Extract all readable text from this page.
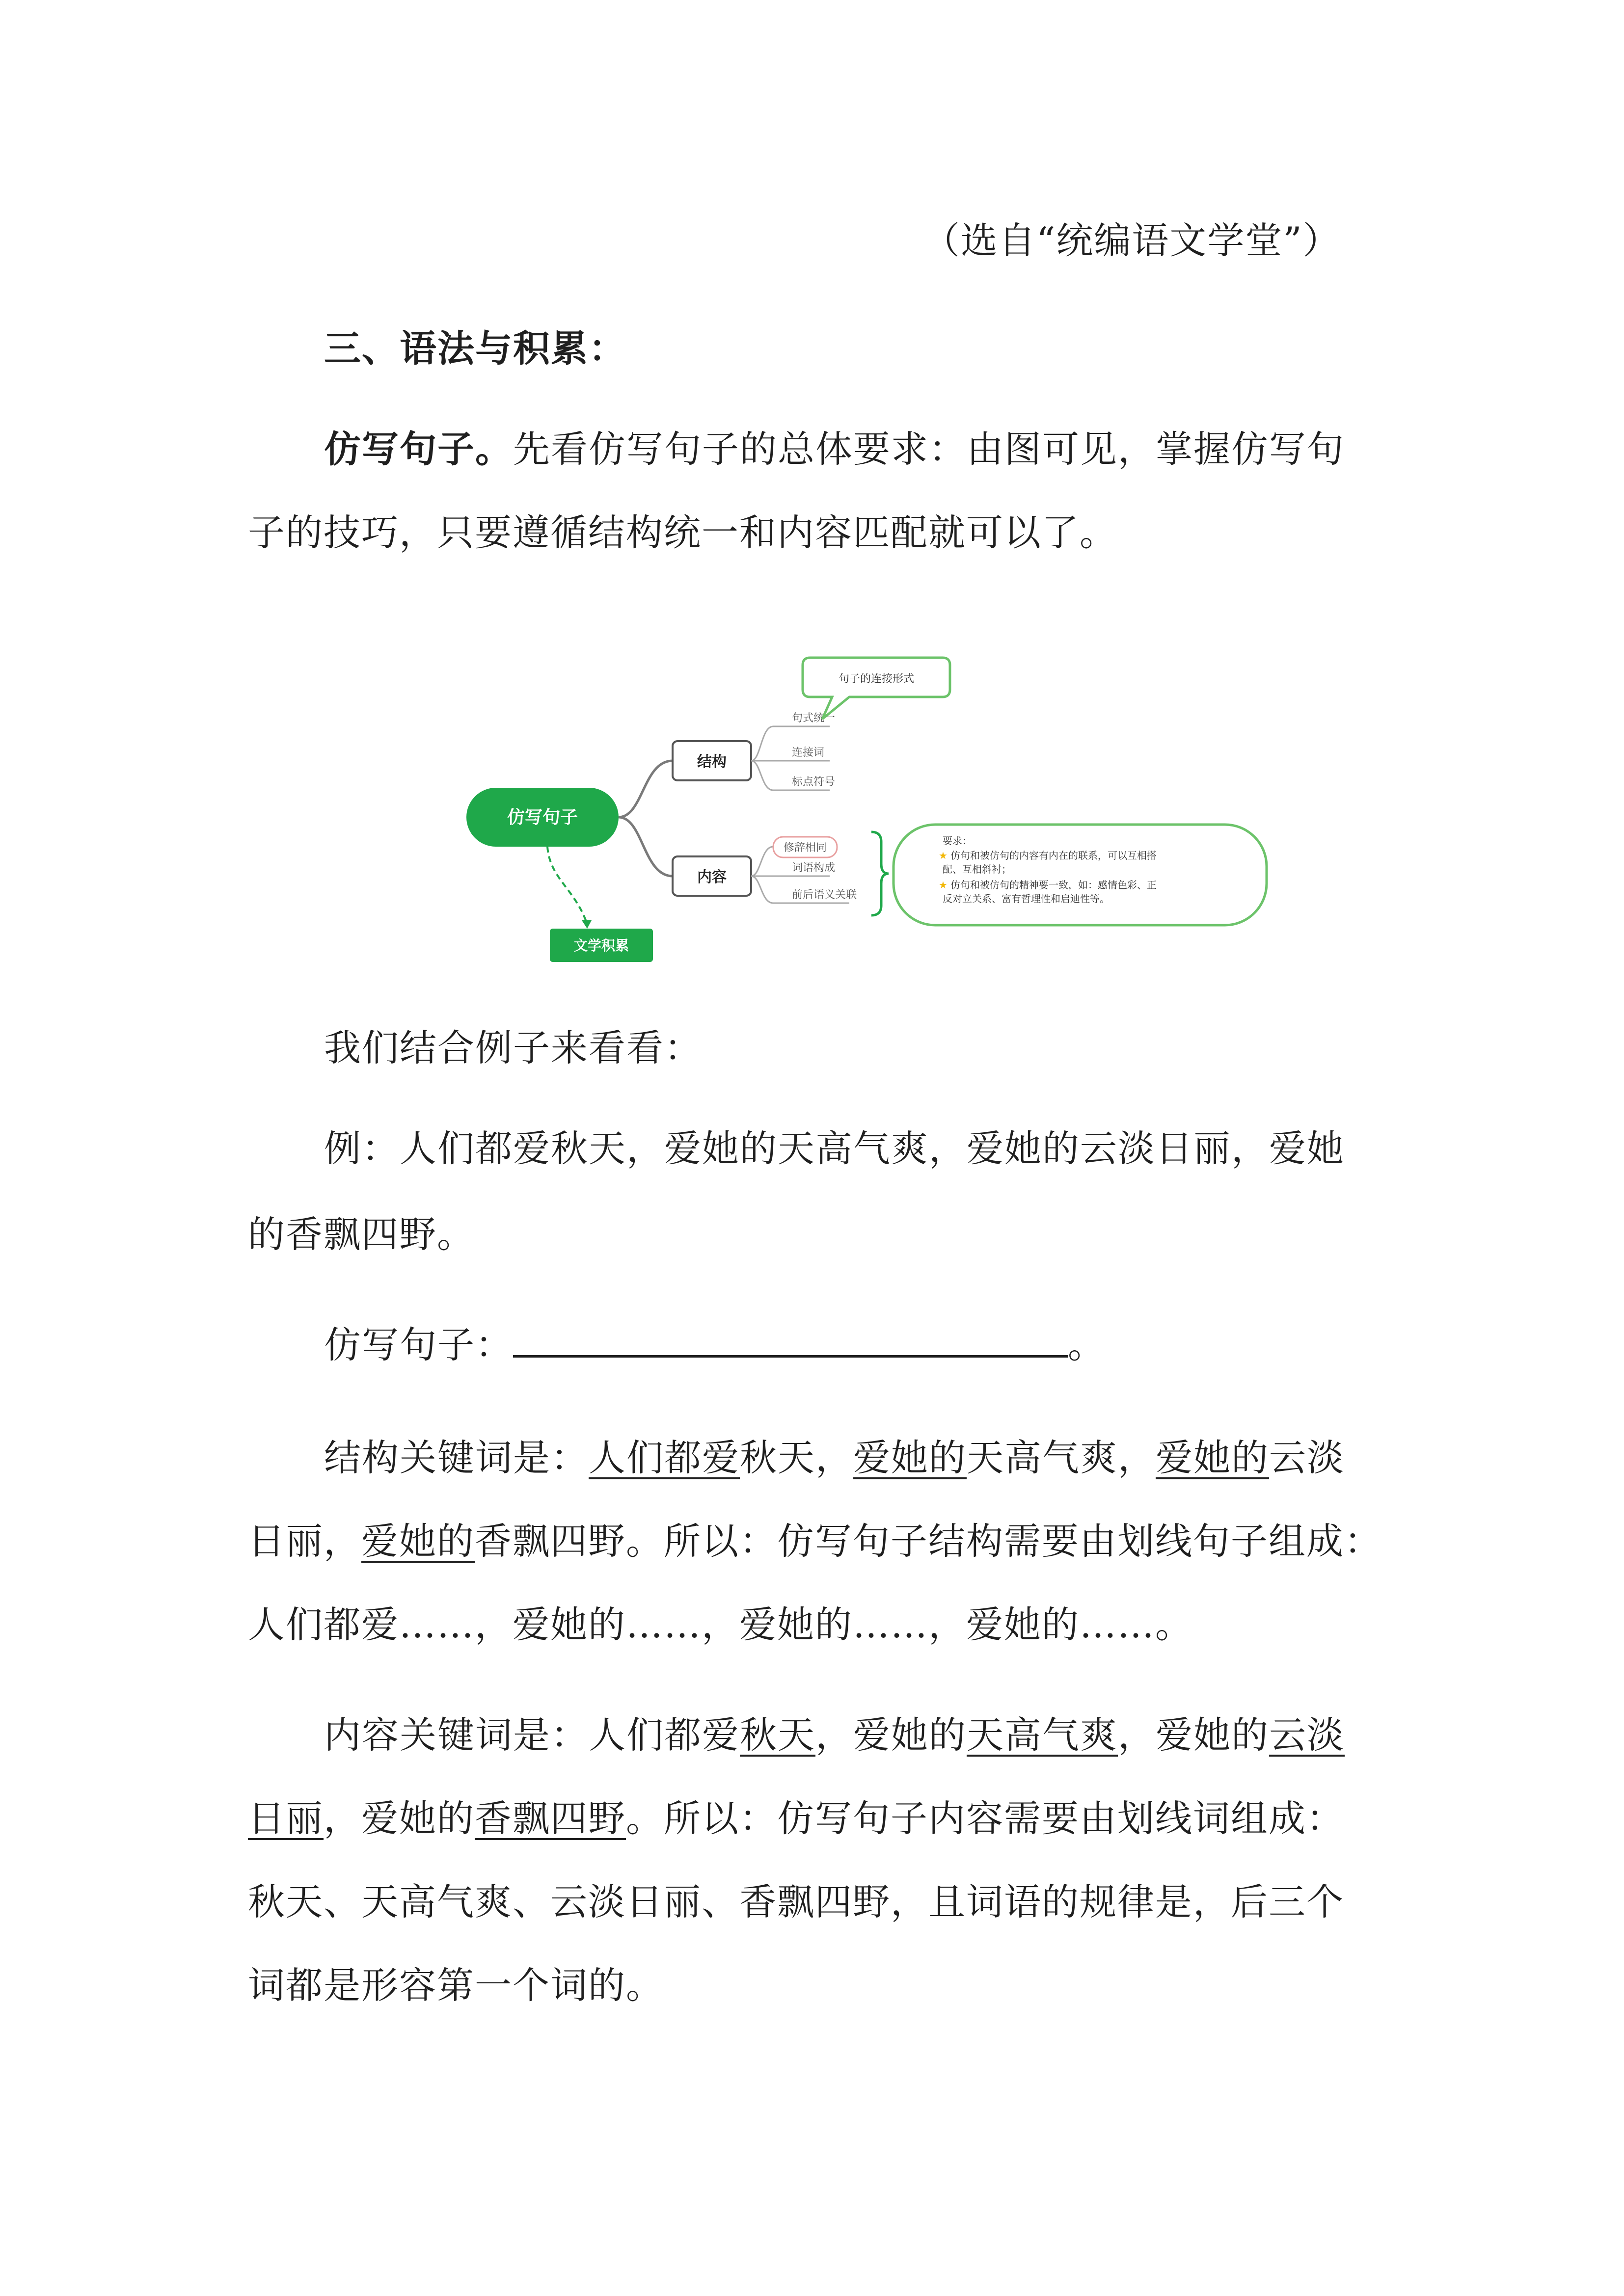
（选自“统编语文学堂”）
三、语法与积累：
仿写句子。先看仿写句子的总体要求：由图可见，掌握仿写句
子的技巧，只要遵循结构统一和内容匹配就可以了。
仿写句子
文学积累
结构
句式统一
连接词
标点符号
句子的连接形式
内容
修辞相同
词语构成
前后语义关联
要求：
★ 仿句和被仿句的内容有内在的联系，可以互相搭
配、互相斜衬；
★ 仿句和被仿句的精神要一致，如：感情色彩、正
反对立关系、富有哲理性和启迪性等。
我们结合例子来看看：
例：人们都爱秋天，爱她的天高气爽，爱她的云淡日丽，爱她
的香飘四野。
仿写句子：	。
结构关键词是：人们都爱秋天，爱她的天高气爽，爱她的云淡
日丽，爱她的香飘四野。所以：仿写句子结构需要由划线句子组成：
人们都爱……，爱她的……，爱她的……，爱她的……。
内容关键词是：人们都爱秋天，爱她的天高气爽，爱她的云淡
日丽，爱她的香飘四野。所以：仿写句子内容需要由划线词组成：
秋天、天高气爽、云淡日丽、香飘四野，且词语的规律是，后三个
词都是形容第一个词的。
